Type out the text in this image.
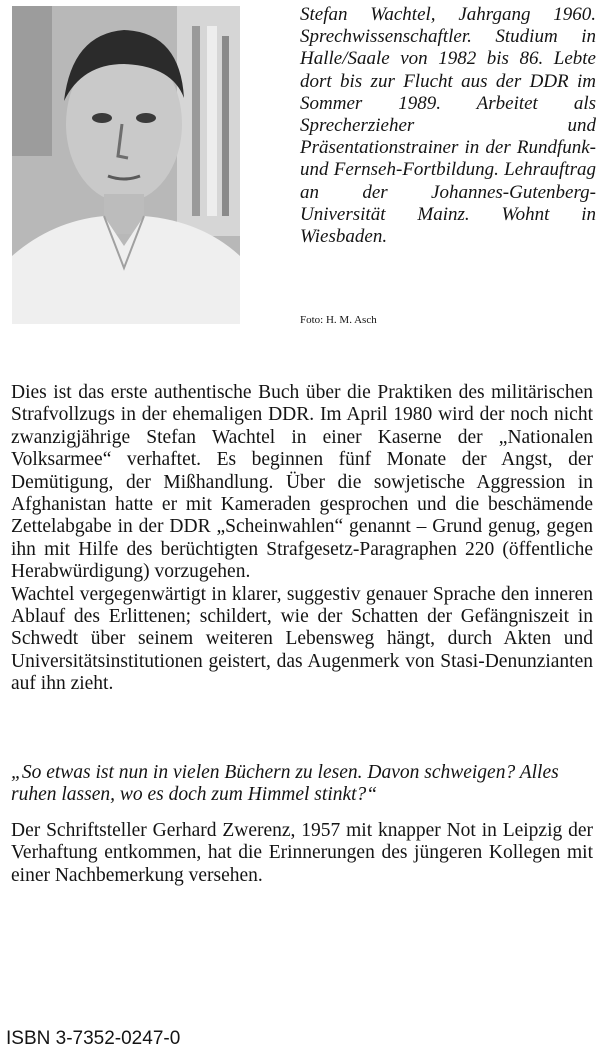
Stefan Wachtel, Jahrgang 1960. Sprechwissenschaftler. Studium in Halle/Saale von 1982 bis 86. Lebte dort bis zur Flucht aus der DDR im Sommer 1989. Arbeitet als Sprecherzieher und Präsentationstrainer in der Rundfunk- und Fernseh-Fortbildung. Lehrauftrag an der Johannes-Gutenberg-Universität Mainz. Wohnt in Wiesbaden.

Foto: H. M. Asch

Dies ist das erste authentische Buch über die Praktiken des militärischen Strafvollzugs in der ehemaligen DDR. Im April 1980 wird der noch nicht zwanzigjährige Stefan Wachtel in einer Kaserne der „Nationalen Volksarmee“ verhaftet. Es beginnen fünf Monate der Angst, der Demütigung, der Mißhandlung. Über die sowjetische Aggression in Afghanistan hatte er mit Kameraden gesprochen und die beschämende Zettelabgabe in der DDR „Scheinwahlen“ genannt – Grund genug, gegen ihn mit Hilfe des berüchtigten Strafgesetz-Paragraphen 220 (öffentliche Herabwürdigung) vorzugehen.

Wachtel vergegenwärtigt in klarer, suggestiv genauer Sprache den inneren Ablauf des Erlittenen; schildert, wie der Schatten der Gefängniszeit in Schwedt über seinem weiteren Lebensweg hängt, durch Akten und Universitätsinstitutionen geistert, das Augenmerk von Stasi-Denunzianten auf ihn zieht.

„So etwas ist nun in vielen Büchern zu lesen. Davon schweigen? Alles ruhen lassen, wo es doch zum Himmel stinkt?“

Der Schriftsteller Gerhard Zwerenz, 1957 mit knapper Not in Leipzig der Verhaftung entkommen, hat die Erinnerungen des jüngeren Kollegen mit einer Nachbemerkung versehen.

ISBN 3-7352-0247-0
